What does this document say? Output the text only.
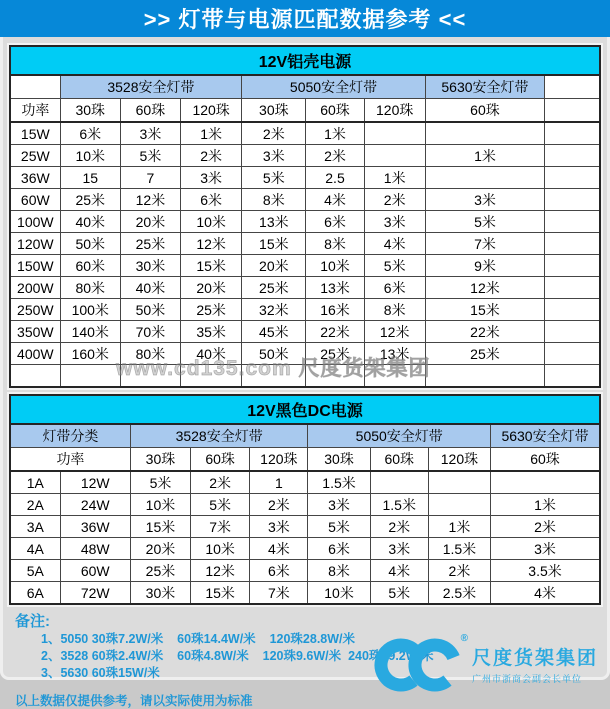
>> 灯带与电源匹配数据参考 <<
12V铝壳电源								
	3528安全灯带			5050安全灯带			5630安全灯带	
功率	30珠	60珠	120珠	30珠	60珠	120珠	60珠	
15W	6米	3米	1米	2米	1米			
25W	10米	5米	2米	3米	2米		1米	
36W	15	7	3米	5米	2.5	1米		
60W	25米	12米	6米	8米	4米	2米	3米	
100W	40米	20米	10米	13米	6米	3米	5米	
120W	50米	25米	12米	15米	8米	4米	7米	
150W	60米	30米	15米	20米	10米	5米	9米	
200W	80米	40米	20米	25米	13米	6米	12米	
250W	100米	50米	25米	32米	16米	8米	15米	
350W	140米	70米	35米	45米	22米	12米	22米	
400W	160米	80米	40米	50米	25米	13米	25米	

www.cd135.com 尺度货架集团
12V黑色DC电源								
灯带分类		3528安全灯带			5050安全灯带			5630安全灯带
功率		30珠	60珠	120珠	30珠	60珠	120珠	60珠
1A	12W	5米	2米	1	1.5米			
2A	24W	10米	5米	2米	3米	1.5米		1米
3A	36W	15米	7米	3米	5米	2米	1米	2米
4A	48W	20米	10米	4米	6米	3米	1.5米	3米
5A	60W	25米	12米	6米	8米	4米	2米	3.5米
6A	72W	30米	15米	7米	10米	5米	2.5米	4米
备注:
1、5050 30珠7.2W/米    60珠14.4W/米    120珠28.8W/米
2、3528 60珠2.4W/米    60珠4.8W/米    120珠9.6W/米  240珠19.2W/米
3、5630 60珠15W/米
以上数据仅提供参考，请以实际使用为标准
®
尺度货架集团
广州市浙商会副会长单位
